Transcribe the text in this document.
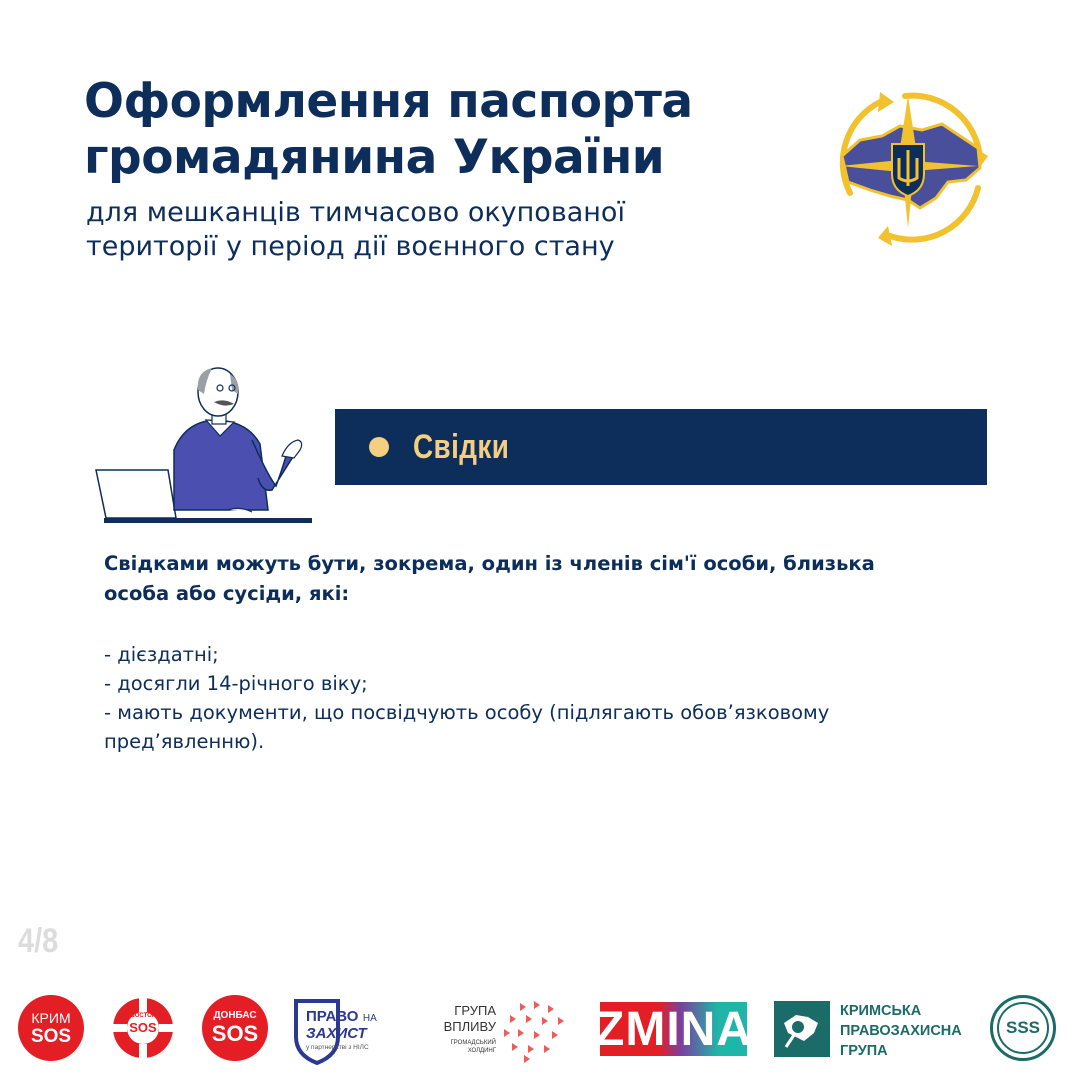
Оформлення паспорта
громадянина України
для мешканців тимчасово окупованої
території у період дії воєнного стану
Свідки
Свідками можуть бути, зокрема, один із членів сім'ї особи, близька
особа або сусіди, які:
- дієздатні;
- досягли 14-річного віку;
- мають документи, що посвідчують особу (підлягають обов’язковому
пред’явленню).
4/8
КРИМ
SOS
ВОСТОК
SOS
ДОНБАС
SOS
ПРАВО НА
ЗАХИСТ
у партнерстві з НІЛС
ГРУПА
ВПЛИВУ
ГРОМАДСЬКИЙ
ХОЛДИНГ ZMINA	КРИМСЬКА
ПРАВОЗАХИСНА
ГРУПА
SSS
